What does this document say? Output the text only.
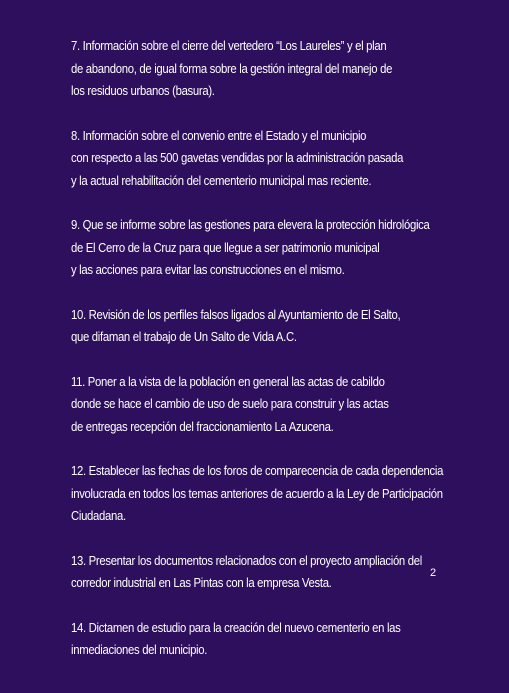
7. Información sobre el cierre del vertedero “Los Laureles” y el plan
de abandono, de igual forma sobre la gestión integral del manejo de
los residuos urbanos (basura).
8. Información sobre el convenio entre el Estado y el municipio
con respecto a las 500 gavetas vendidas por la administración pasada
y la actual rehabilitación del cementerio municipal mas reciente.
9. Que se informe sobre las gestiones para elevera la protección hidrológica
de El Cerro de la Cruz para que llegue a ser patrimonio municipal
y las acciones para evitar las construcciones en el mismo.
10. Revisión de los perfiles falsos ligados al Ayuntamiento de El Salto,
que difaman el trabajo de Un Salto de Vida A.C.
11. Poner a la vista de la población en general las actas de cabildo
donde se hace el cambio de uso de suelo para construir y las actas
de entregas recepción del fraccionamiento La Azucena.
12. Establecer las fechas de los foros de comparecencia de cada dependencia
involucrada en todos los temas anteriores de acuerdo a la Ley de Participación
Ciudadana.
13. Presentar los documentos relacionados con el proyecto ampliación del
corredor industrial en Las Pintas con la empresa Vesta.
14. Dictamen de estudio para la creación del nuevo cementerio en las
inmediaciones del municipio.
2
